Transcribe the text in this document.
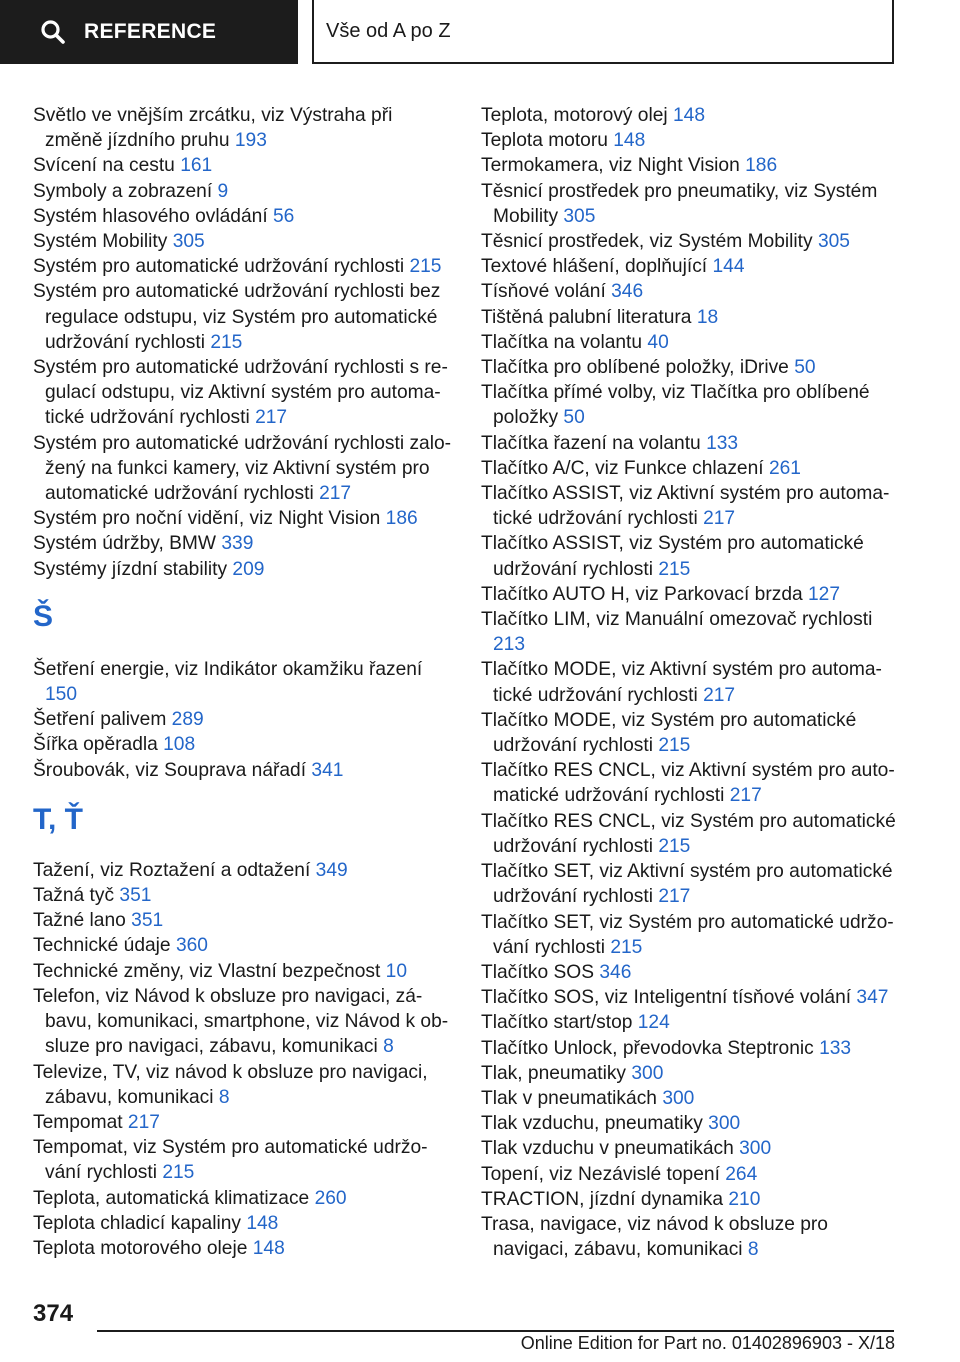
REFERENCE	Vše od A po Z
Světlo ve vnějším zrcátku, viz Výstraha při změně jízdního pruhu 193
Svícení na cestu 161
Symboly a zobrazení 9
Systém hlasového ovládání 56
Systém Mobility 305
Systém pro automatické udržování rychlosti 215
Systém pro automatické udržování rychlosti bez regulace odstupu, viz Systém pro automatické udržování rychlosti 215
Systém pro automatické udržování rychlosti s regulací odstupu, viz Aktivní systém pro automatické udržování rychlosti 217
Systém pro automatické udržování rychlosti založený na funkci kamery, viz Aktivní systém pro automatické udržování rychlosti 217
Systém pro noční vidění, viz Night Vision 186
Systém údržby, BMW 339
Systémy jízdní stability 209
Š
Šetření energie, viz Indikátor okamžiku řazení 150
Šetření palivem 289
Šířka opěradla 108
Šroubovák, viz Souprava nářadí 341
T, Ť
Tažení, viz Roztažení a odtažení 349
Tažná tyč 351
Tažné lano 351
Technické údaje 360
Technické změny, viz Vlastní bezpečnost 10
Telefon, viz Návod k obsluze pro navigaci, zábavu, komunikaci, smartphone, viz Návod k obsluze pro navigaci, zábavu, komunikaci 8
Televize, TV, viz návod k obsluze pro navigaci, zábavu, komunikaci 8
Tempomat 217
Tempomat, viz Systém pro automatické udržování rychlosti 215
Teplota, automatická klimatizace 260
Teplota chladicí kapaliny 148
Teplota motorového oleje 148
Teplota, motorový olej 148
Teplota motoru 148
Termokamera, viz Night Vision 186
Těsnicí prostředek pro pneumatiky, viz Systém Mobility 305
Těsnicí prostředek, viz Systém Mobility 305
Textové hlášení, doplňující 144
Tísňové volání 346
Tištěná palubní literatura 18
Tlačítka na volantu 40
Tlačítka pro oblíbené položky, iDrive 50
Tlačítka přímé volby, viz Tlačítka pro oblíbené položky 50
Tlačítka řazení na volantu 133
Tlačítko A/C, viz Funkce chlazení 261
Tlačítko ASSIST, viz Aktivní systém pro automatické udržování rychlosti 217
Tlačítko ASSIST, viz Systém pro automatické udržování rychlosti 215
Tlačítko AUTO H, viz Parkovací brzda 127
Tlačítko LIM, viz Manuální omezovač rychlosti 213
Tlačítko MODE, viz Aktivní systém pro automatické udržování rychlosti 217
Tlačítko MODE, viz Systém pro automatické udržování rychlosti 215
Tlačítko RES CNCL, viz Aktivní systém pro automatické udržování rychlosti 217
Tlačítko RES CNCL, viz Systém pro automatické udržování rychlosti 215
Tlačítko SET, viz Aktivní systém pro automatické udržování rychlosti 217
Tlačítko SET, viz Systém pro automatické udržování rychlosti 215
Tlačítko SOS 346
Tlačítko SOS, viz Inteligentní tísňové volání 347
Tlačítko start/stop 124
Tlačítko Unlock, převodovka Steptronic 133
Tlak, pneumatiky 300
Tlak v pneumatikách 300
Tlak vzduchu, pneumatiky 300
Tlak vzduchu v pneumatikách 300
Topení, viz Nezávislé topení 264
TRACTION, jízdní dynamika 210
Trasa, navigace, viz návod k obsluze pro navigaci, zábavu, komunikaci 8
374
Online Edition for Part no. 01402896903 - X/18
